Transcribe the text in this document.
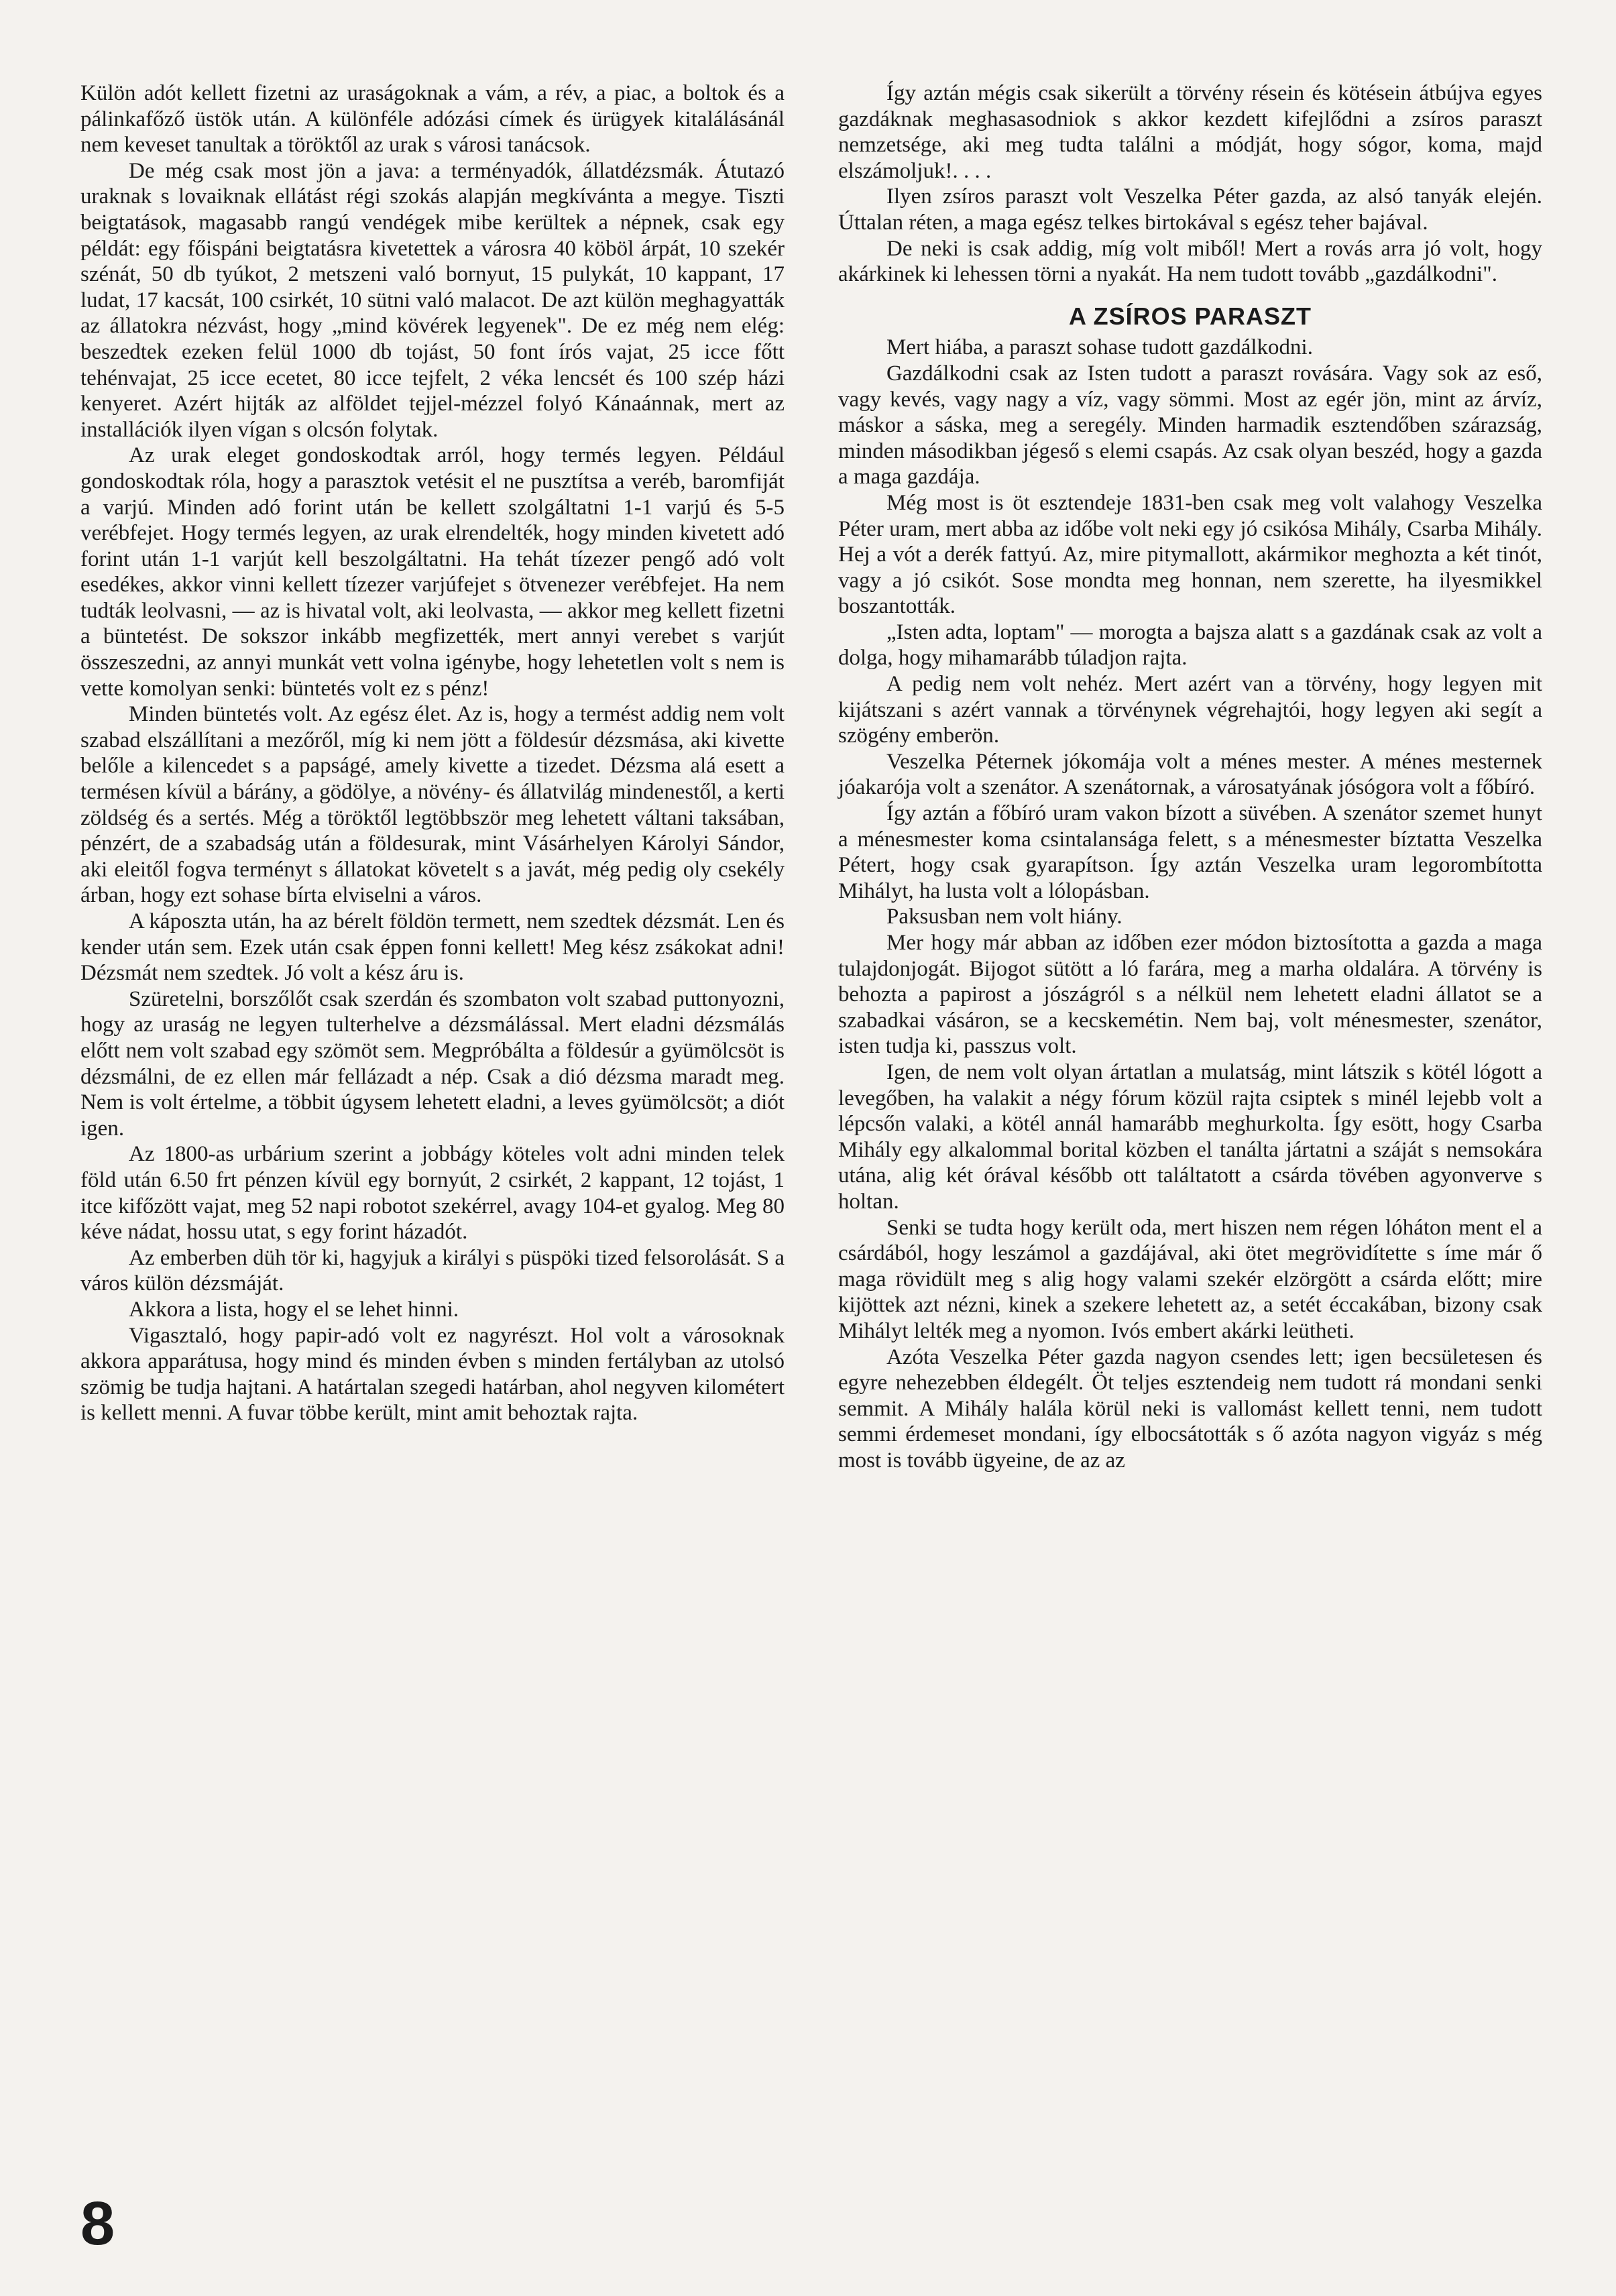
Külön adót kellett fizetni az uraságoknak a vám, a rév, a piac, a boltok és a pálinkafőző üstök után. A különféle adózási címek és ürügyek kitalálásánál nem keveset tanultak a töröktől az urak s városi tanácsok.

De még csak most jön a java: a terményadók, állatdézsmák. Átutazó uraknak s lovaiknak ellátást régi szokás alapján megkívánta a megye. Tiszti beigtatások, magasabb rangú vendégek mibe kerültek a népnek, csak egy példát: egy főispáni beigtatásra kivetettek a városra 40 köböl árpát, 10 szekér szénát, 50 db tyúkot, 2 metszeni való bornyut, 15 pulykát, 10 kappant, 17 ludat, 17 kacsát, 100 csirkét, 10 sütni való malacot. De azt külön meghagyatták az állatokra nézvást, hogy „mind kövérek legyenek". De ez még nem elég: beszedtek ezeken felül 1000 db tojást, 50 font írós vajat, 25 icce főtt tehénvajat, 25 icce ecetet, 80 icce tejfelt, 2 véka lencsét és 100 szép házi kenyeret. Azért hijták az alföldet tejjel-mézzel folyó Kánaánnak, mert az installációk ilyen vígan s olcsón folytak.

Az urak eleget gondoskodtak arról, hogy termés legyen. Például gondoskodtak róla, hogy a parasztok vetésit el ne pusztítsa a veréb, baromfiját a varjú. Minden adó forint után be kellett szolgáltatni 1-1 varjú és 5-5 verébfejet. Hogy termés legyen, az urak elrendelték, hogy minden kivetett adó forint után 1-1 varjút kell beszolgáltatni. Ha tehát tízezer pengő adó volt esedékes, akkor vinni kellett tízezer varjúfejet s ötvenezer verébfejet. Ha nem tudták leolvasni, — az is hivatal volt, aki leolvasta, — akkor meg kellett fizetni a büntetést. De sokszor inkább megfizették, mert annyi verebet s varjút összeszedni, az annyi munkát vett volna igénybe, hogy lehetetlen volt s nem is vette komolyan senki: büntetés volt ez s pénz!

Minden büntetés volt. Az egész élet. Az is, hogy a termést addig nem volt szabad elszállítani a mezőről, míg ki nem jött a földesúr dézsmása, aki kivette belőle a kilencedet s a papságé, amely kivette a tizedet. Dézsma alá esett a termésen kívül a bárány, a gödölye, a növény- és állatvilág mindenestől, a kerti zöldség és a sertés. Még a töröktől legtöbbször meg lehetett váltani taksában, pénzért, de a szabadság után a földesurak, mint Vásárhelyen Károlyi Sándor, aki eleitől fogva terményt s állatokat követelt s a javát, még pedig oly csekély árban, hogy ezt sohase bírta elviselni a város.

A káposzta után, ha az bérelt földön termett, nem szedtek dézsmát. Len és kender után sem. Ezek után csak éppen fonni kellett! Meg kész zsákokat adni! Dézsmát nem szedtek. Jó volt a kész áru is.

Szüretelni, borszőlőt csak szerdán és szombaton volt szabad puttonyozni, hogy az uraság ne legyen tulterhelve a dézsmálással. Mert eladni dézsmálás előtt nem volt szabad egy szömöt sem. Megpróbálta a földesúr a gyümölcsöt is dézsmálni, de ez ellen már fellázadt a nép. Csak a dió dézsma maradt meg. Nem is volt értelme, a többit úgysem lehetett eladni, a leves gyümölcsöt; a diót igen.

Az 1800-as urbárium szerint a jobbágy köteles volt adni minden telek föld után 6.50 frt pénzen kívül egy bornyút, 2 csirkét, 2 kappant, 12 tojást, 1 itce kifőzött vajat, meg 52 napi robotot szekérrel, avagy 104-et gyalog. Meg 80 kéve nádat, hossu utat, s egy forint házadót.

Az emberben düh tör ki, hagyjuk a királyi s püspöki tized felsorolását. S a város külön dézsmáját.

Akkora a lista, hogy el se lehet hinni.

Vigasztaló, hogy papir-adó volt ez nagyrészt. Hol volt a városoknak akkora apparátusa, hogy mind és minden évben s minden fertályban az utolsó szömig be tudja hajtani. A határtalan szegedi határban, ahol negyven kilométert is kellett menni. A fuvar többe került, mint amit behoztak rajta.

Így aztán mégis csak sikerült a törvény résein és kötésein átbújva egyes gazdáknak meghasasodniok s akkor kezdett kifejlődni a zsíros paraszt nemzetsége, aki meg tudta találni a módját, hogy sógor, koma, majd elszámoljuk!. . . .

Ilyen zsíros paraszt volt Veszelka Péter gazda, az alsó tanyák elején. Úttalan réten, a maga egész telkes birtokával s egész teher bajával.

De neki is csak addig, míg volt miből! Mert a rovás arra jó volt, hogy akárkinek ki lehessen törni a nyakát. Ha nem tudott tovább „gazdálkodni".

A ZSÍROS PARASZT

Mert hiába, a paraszt sohase tudott gazdálkodni.

Gazdálkodni csak az Isten tudott a paraszt rovására. Vagy sok az eső, vagy kevés, vagy nagy a víz, vagy sömmi. Most az egér jön, mint az árvíz, máskor a sáska, meg a seregély. Minden harmadik esztendőben szárazság, minden másodikban jégeső s elemi csapás. Az csak olyan beszéd, hogy a gazda a maga gazdája.

Még most is öt esztendeje 1831-ben csak meg volt valahogy Veszelka Péter uram, mert abba az időbe volt neki egy jó csikósa Mihály, Csarba Mihály. Hej a vót a derék fattyú. Az, mire pitymallott, akármikor meghozta a két tinót, vagy a jó csikót. Sose mondta meg honnan, nem szerette, ha ilyesmikkel boszantották.

„Isten adta, loptam" — morogta a bajsza alatt s a gazdának csak az volt a dolga, hogy mihamarább túladjon rajta.

A pedig nem volt nehéz. Mert azért van a törvény, hogy legyen mit kijátszani s azért vannak a törvénynek végrehajtói, hogy legyen aki segít a szögény emberön.

Veszelka Péternek jókomája volt a ménes mester. A ménes mesternek jóakarója volt a szenátor. A szenátornak, a városatyának jósógora volt a főbíró.

Így aztán a főbíró uram vakon bízott a süvében. A szenátor szemet hunyt a ménesmester koma csintalansága felett, s a ménesmester bíztatta Veszelka Pétert, hogy csak gyarapítson. Így aztán Veszelka uram legorombította Mihályt, ha lusta volt a lólopásban.

Paksusban nem volt hiány.

Mer hogy már abban az időben ezer módon biztosította a gazda a maga tulajdonjogát. Bijogot sütött a ló farára, meg a marha oldalára. A törvény is behozta a papirost a jószágról s a nélkül nem lehetett eladni állatot se a szabadkai vásáron, se a kecskemétin. Nem baj, volt ménesmester, szenátor, isten tudja ki, passzus volt.

Igen, de nem volt olyan ártatlan a mulatság, mint látszik s kötél lógott a levegőben, ha valakit a négy fórum közül rajta csiptek s minél lejebb volt a lépcsőn valaki, a kötél annál hamarább meghurkolta. Így esött, hogy Csarba Mihály egy alkalommal borital közben el tanálta jártatni a száját s nemsokára utána, alig két órával később ott találtatott a csárda tövében agyonverve s holtan.

Senki se tudta hogy került oda, mert hiszen nem régen lóháton ment el a csárdából, hogy leszámol a gazdájával, aki ötet megrövidítette s íme már ő maga rövidült meg s alig hogy valami szekér elzörgött a csárda előtt; mire kijöttek azt nézni, kinek a szekere lehetett az, a setét éccakában, bizony csak Mihályt lelték meg a nyomon. Ivós embert akárki leütheti.

Azóta Veszelka Péter gazda nagyon csendes lett; igen becsületesen és egyre nehezebben éldegélt. Öt teljes esztendeig nem tudott rá mondani senki semmit. A Mihály halála körül neki is vallomást kellett tenni, nem tudott semmi érdemeset mondani, így elbocsátották s ő azóta nagyon vigyáz s még most is tovább ügyeine, de az az

8
